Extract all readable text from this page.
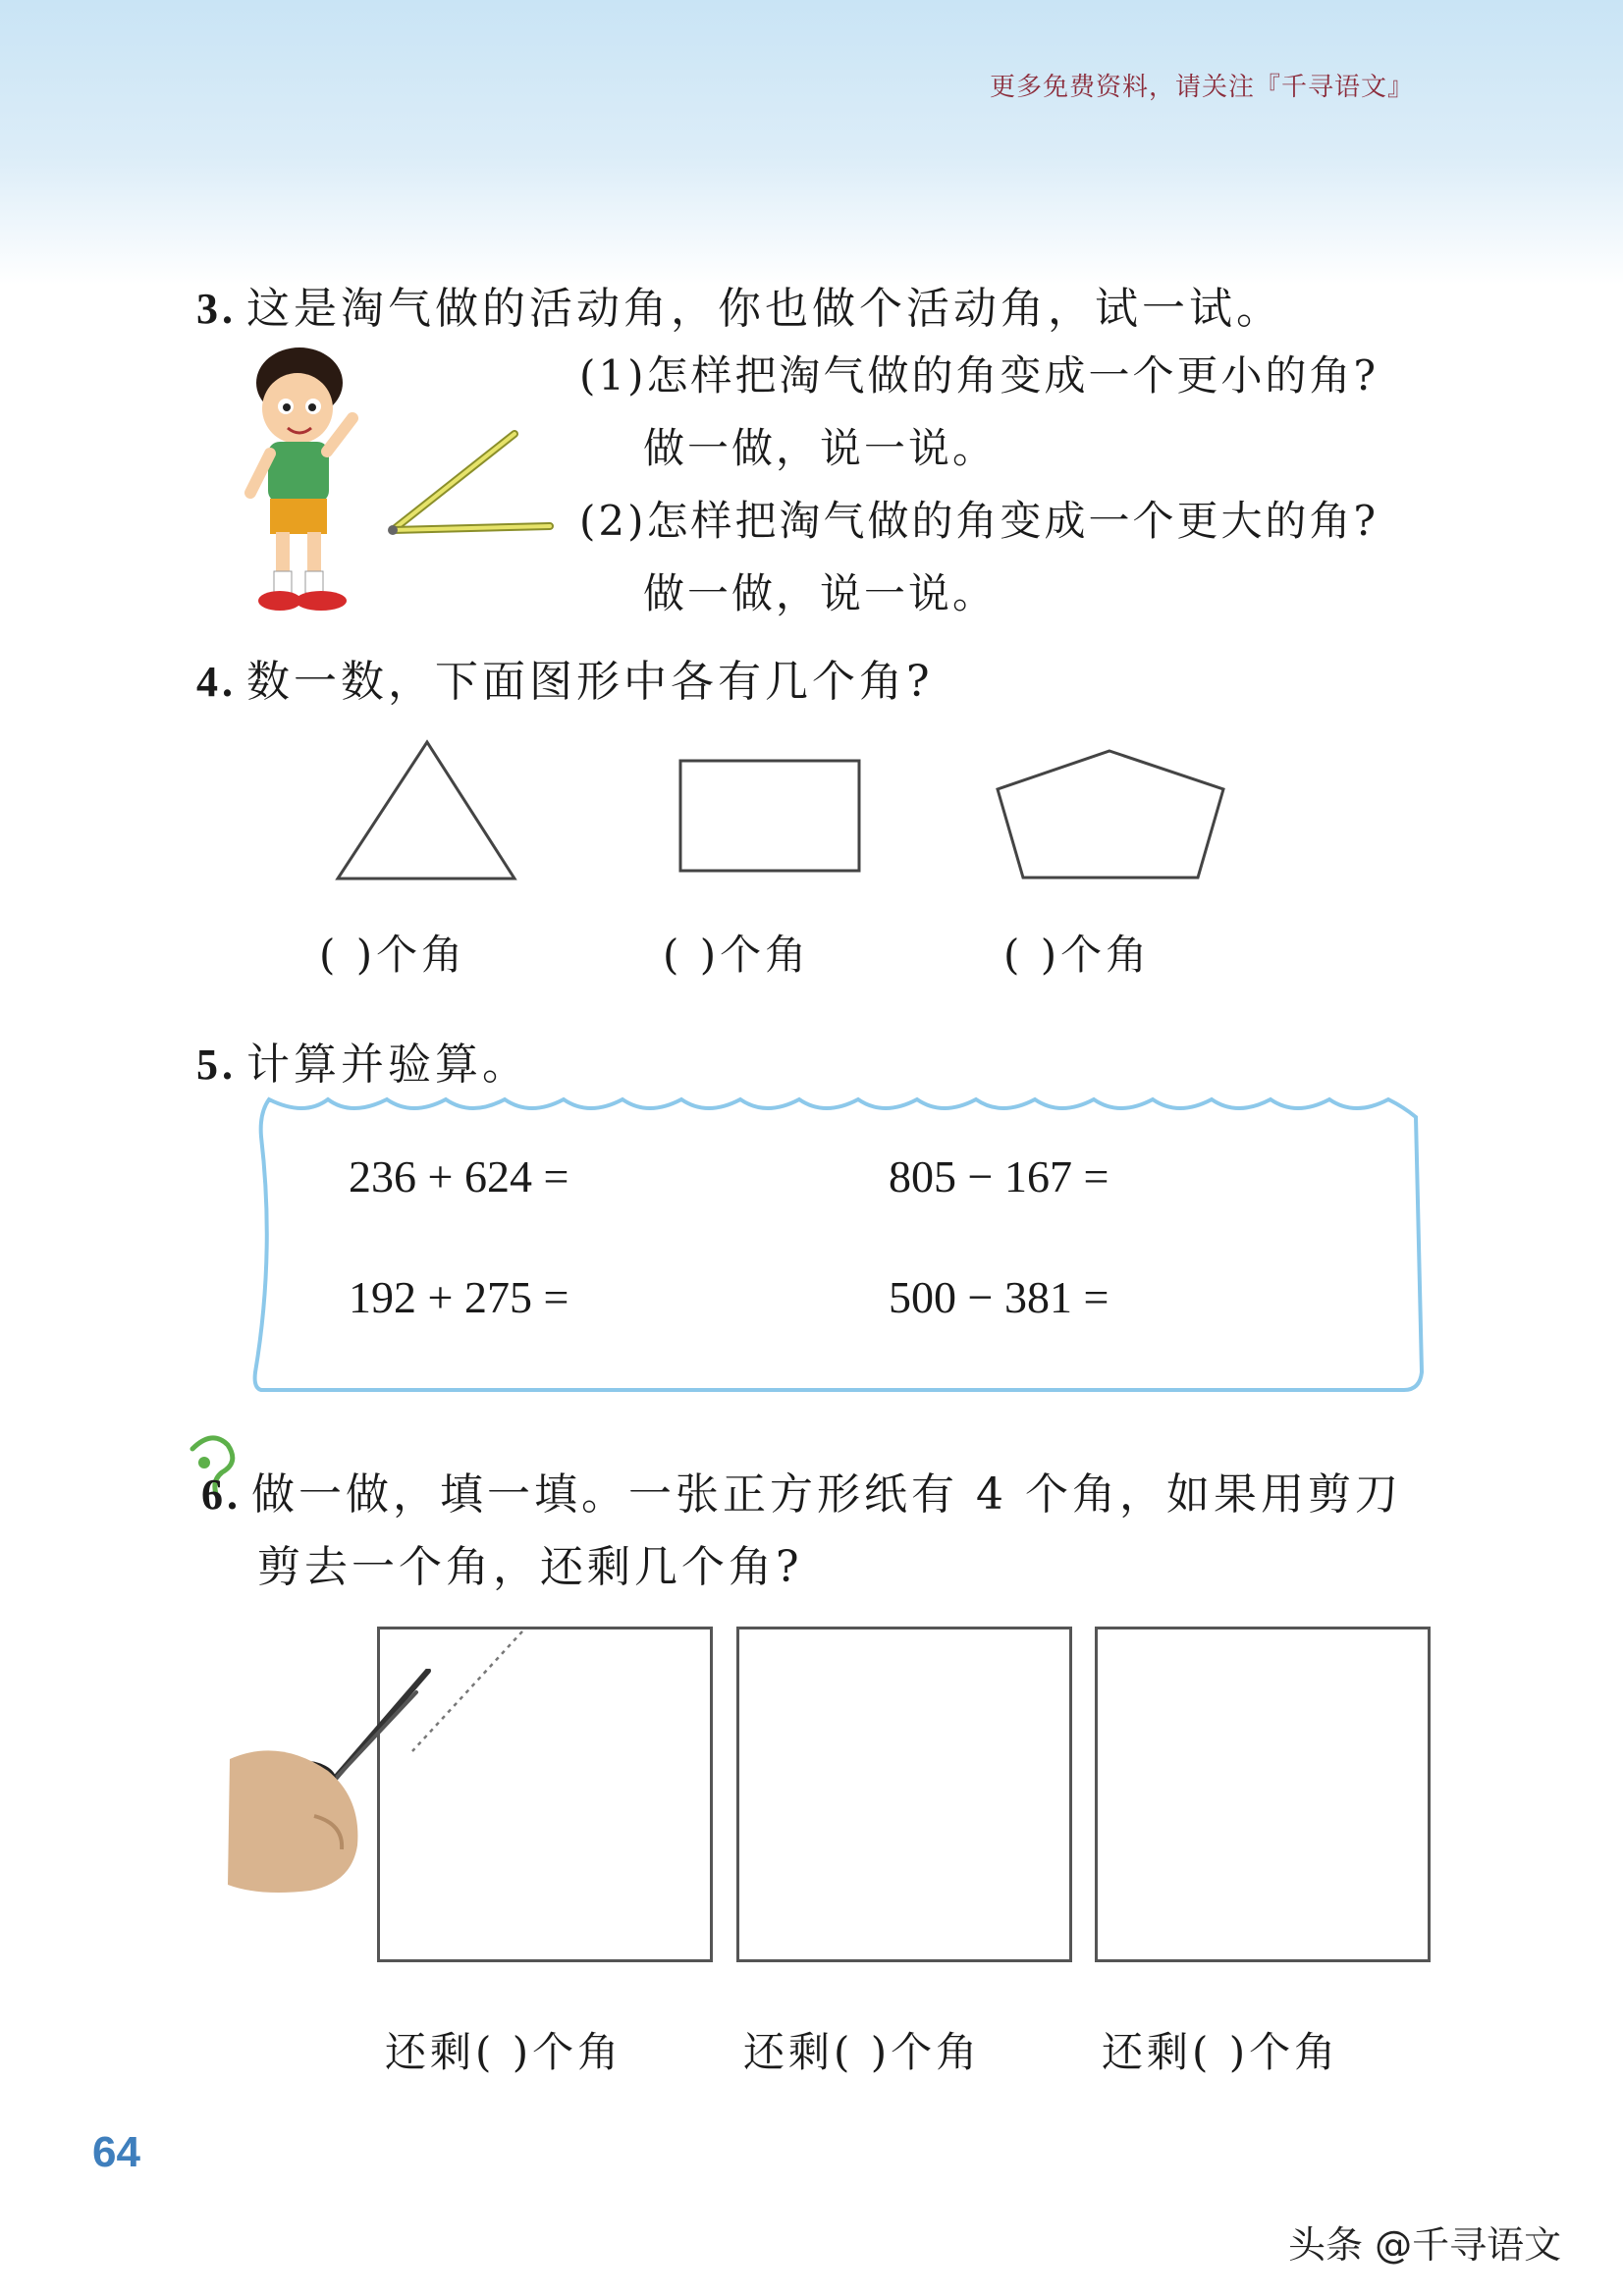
更多免费资料，请关注『千寻语文』
3. 这是淘气做的活动角，你也做个活动角，试一试。
(1)怎样把淘气做的角变成一个更小的角?
做一做，说一说。
(2)怎样把淘气做的角变成一个更大的角?
做一做，说一说。
4. 数一数，下面图形中各有几个角?
( )个角	( )个角	( )个角
5. 计算并验算。
236 + 624 =	805 − 167 =
192 + 275 =	500 − 381 =
6. 做一做，填一填。一张正方形纸有 4 个角，如果用剪刀
剪去一个角，还剩几个角?
还剩( )个角	还剩( )个角	还剩( )个角
64
头条 @千寻语文
